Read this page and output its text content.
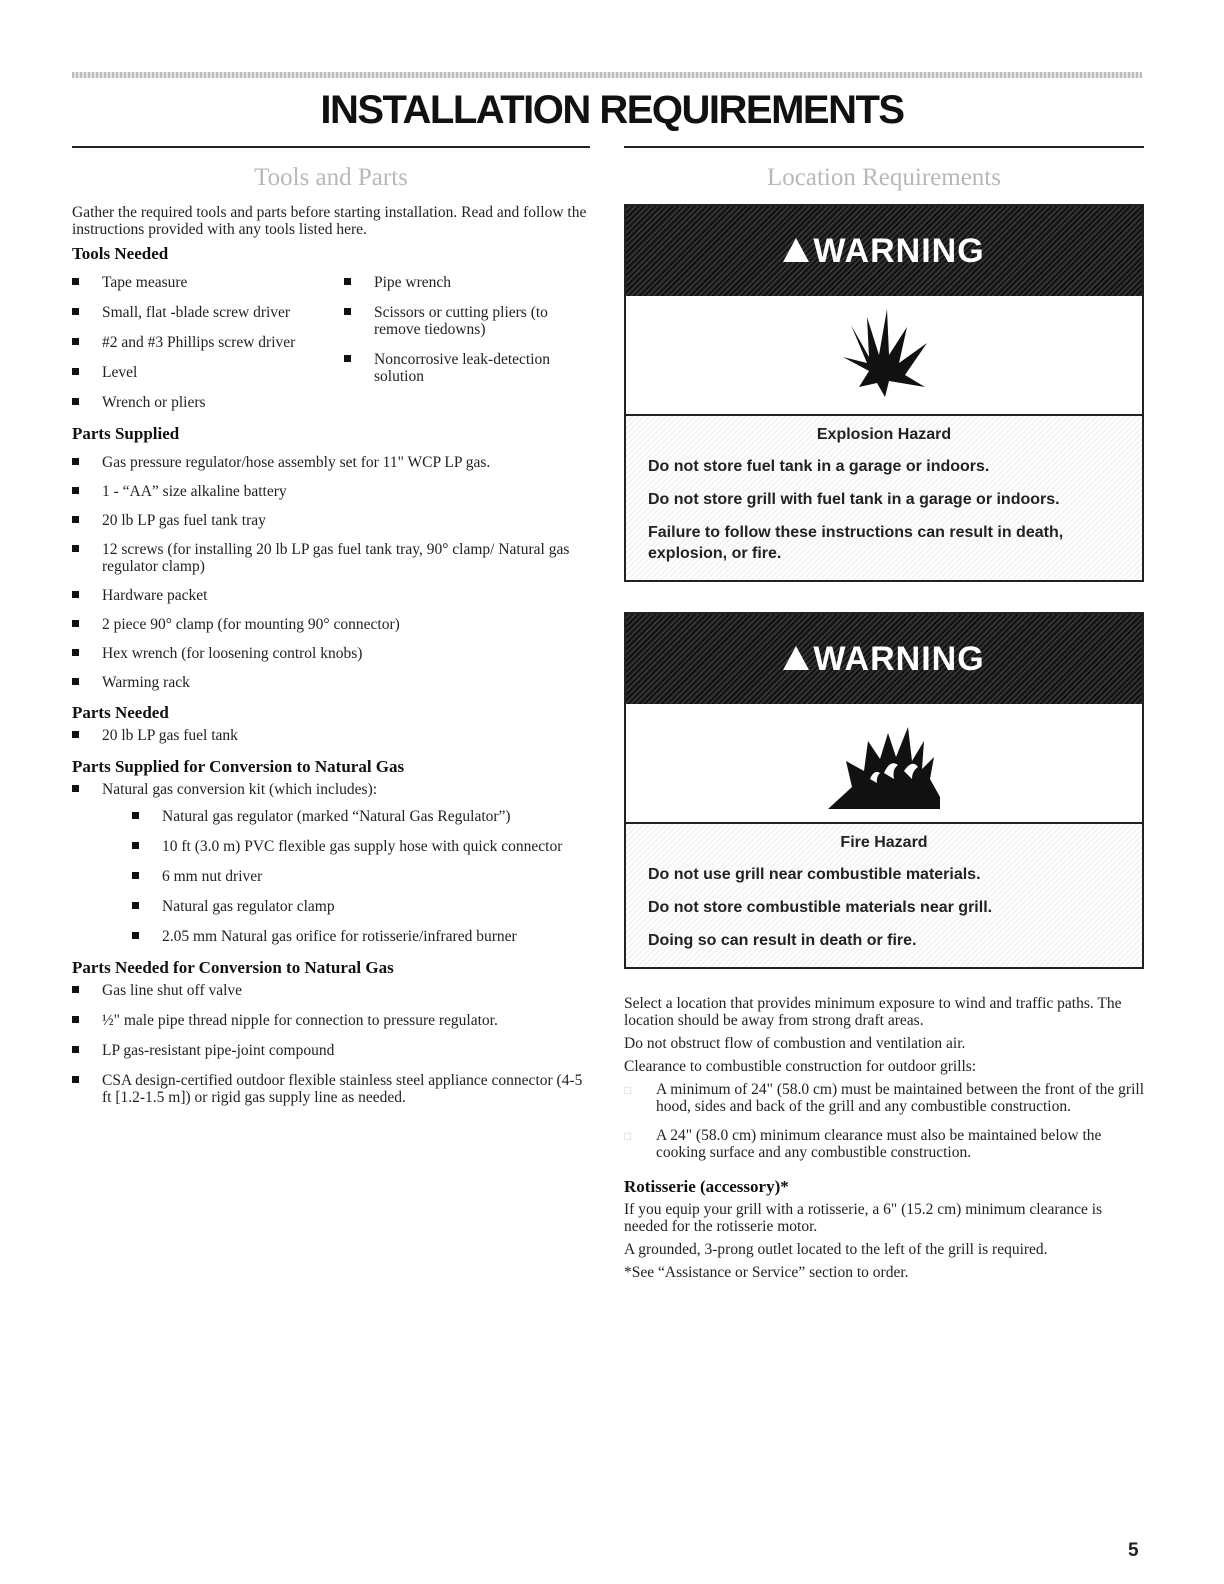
INSTALLATION REQUIREMENTS
Tools and Parts

Gather the required tools and parts before starting installation. Read and follow the instructions provided with any tools listed here.

Tools Needed
Tape measure
Small, flat -blade screw driver
#2 and #3 Phillips screw driver
Level
Wrench or pliers
Pipe wrench
Scissors or cutting pliers (to remove tiedowns)
Noncorrosive leak-detection solution
Parts Supplied
Gas pressure regulator/hose assembly set for 11" WCP LP gas.
1 - “AA” size alkaline battery
20 lb LP gas fuel tank tray
12 screws (for installing 20 lb LP gas fuel tank tray, 90° clamp/ Natural gas regulator clamp)
Hardware packet
2 piece 90° clamp (for mounting 90° connector)
Hex wrench (for loosening control knobs)
Warming rack
Parts Needed
20 lb LP gas fuel tank
Parts Supplied for Conversion to Natural Gas
Natural gas conversion kit (which includes):
Natural gas regulator (marked “Natural Gas Regulator”)
10 ft (3.0 m) PVC flexible gas supply hose with quick connector
6 mm nut driver
Natural gas regulator clamp
2.05 mm Natural gas orifice for rotisserie/infrared burner
Parts Needed for Conversion to Natural Gas
Gas line shut off valve
½" male pipe thread nipple for connection to pressure regulator.
LP gas-resistant pipe-joint compound
CSA design-certified outdoor flexible stainless steel appliance connector (4-5 ft [1.2-1.5 m]) or rigid gas supply line as needed.
Location Requirements
WARNING
Explosion Hazard
Do not store fuel tank in a garage or indoors.
Do not store grill with fuel tank in a garage or indoors.
Failure to follow these instructions can result in death, explosion, or fire.
WARNING
Fire Hazard
Do not use grill near combustible materials.
Do not store combustible materials near grill.
Doing so can result in death or fire.

Select a location that provides minimum exposure to wind and traffic paths. The location should be away from strong draft areas.

Do not obstruct flow of combustion and ventilation air.

Clearance to combustible construction for outdoor grills:

□ A minimum of 24" (58.0 cm) must be maintained between the front of the grill hood, sides and back of the grill and any combustible construction.
□ A 24" (58.0 cm) minimum clearance must also be maintained below the cooking surface and any combustible construction.
Rotisserie (accessory)*

If you equip your grill with a rotisserie, a 6" (15.2 cm) minimum clearance is needed for the rotisserie motor.

A grounded, 3-prong outlet located to the left of the grill is required.

*See “Assistance or Service” section to order.

5
